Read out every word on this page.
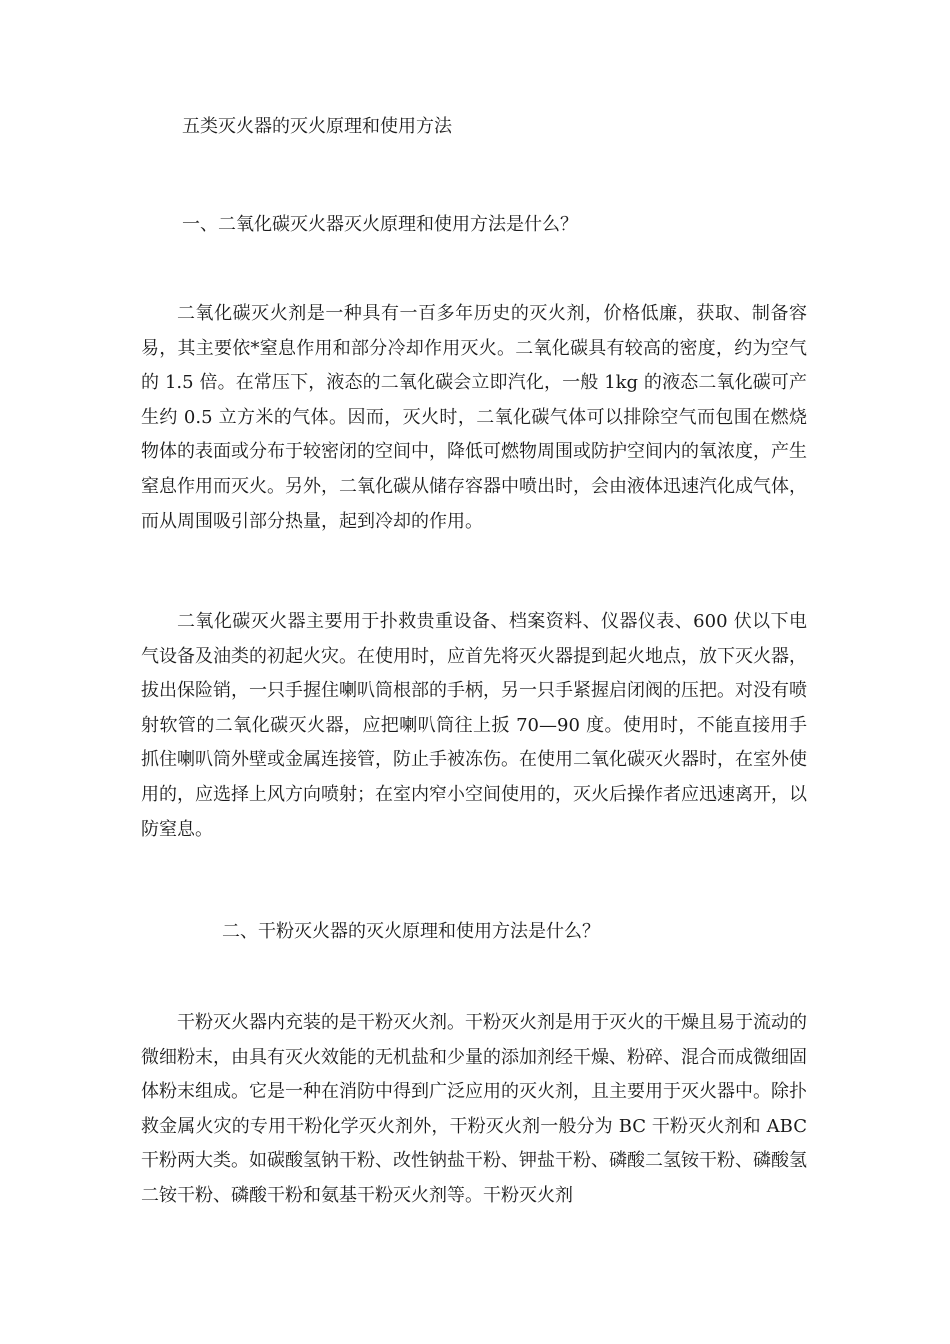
五类灭火器的灭火原理和使用方法
一、二氧化碳灭火器灭火原理和使用方法是什么？
二氧化碳灭火剂是一种具有一百多年历史的灭火剂，价格低廉，获取、制备容易，其主要依*窒息作用和部分冷却作用灭火。二氧化碳具有较高的密度，约为空气的 1.5 倍。在常压下，液态的二氧化碳会立即汽化，一般 1kg 的液态二氧化碳可产生约 0.5 立方米的气体。因而，灭火时，二氧化碳气体可以排除空气而包围在燃烧物体的表面或分布于较密闭的空间中，降低可燃物周围或防护空间内的氧浓度，产生窒息作用而灭火。另外，二氧化碳从储存容器中喷出时，会由液体迅速汽化成气体，而从周围吸引部分热量，起到冷却的作用。
二氧化碳灭火器主要用于扑救贵重设备、档案资料、仪器仪表、600 伏以下电气设备及油类的初起火灾。在使用时，应首先将灭火器提到起火地点，放下灭火器，拔出保险销，一只手握住喇叭筒根部的手柄，另一只手紧握启闭阀的压把。对没有喷射软管的二氧化碳灭火器，应把喇叭筒往上扳 70—90 度。使用时，不能直接用手抓住喇叭筒外壁或金属连接管，防止手被冻伤。在使用二氧化碳灭火器时，在室外使用的，应选择上风方向喷射；在室内窄小空间使用的，灭火后操作者应迅速离开，以防窒息。
二、干粉灭火器的灭火原理和使用方法是什么？
干粉灭火器内充装的是干粉灭火剂。干粉灭火剂是用于灭火的干燥且易于流动的微细粉末，由具有灭火效能的无机盐和少量的添加剂经干燥、粉碎、混合而成微细固体粉末组成。它是一种在消防中得到广泛应用的灭火剂，且主要用于灭火器中。除扑救金属火灾的专用干粉化学灭火剂外，干粉灭火剂一般分为 BC 干粉灭火剂和 ABC 干粉两大类。如碳酸氢钠干粉、改性钠盐干粉、钾盐干粉、磷酸二氢铵干粉、磷酸氢二铵干粉、磷酸干粉和氨基干粉灭火剂等。干粉灭火剂
